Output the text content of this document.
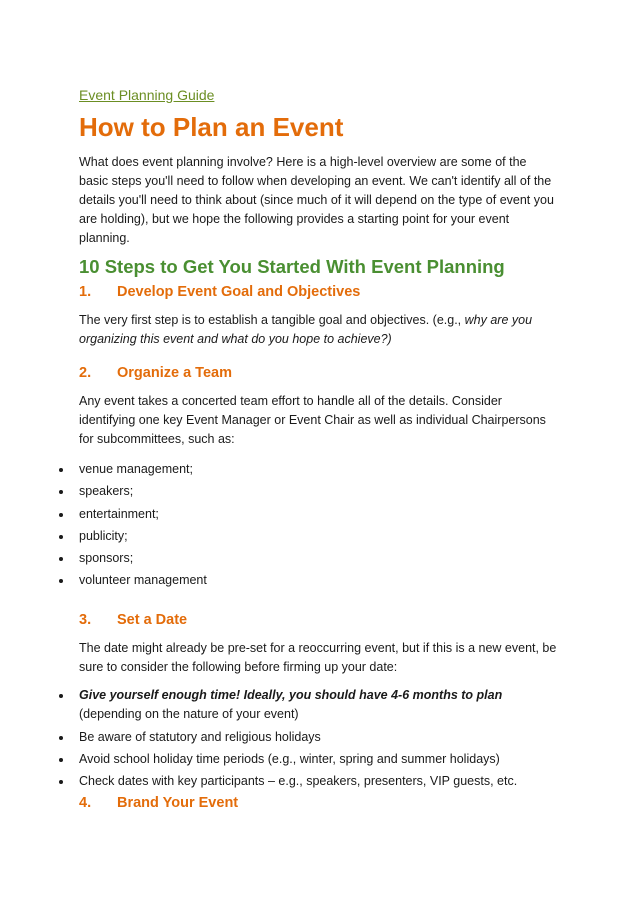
Event Planning Guide
How to Plan an Event

What does event planning involve? Here is a high-level overview are some of the basic steps you'll need to follow when developing an event. We can't identify all of the details you'll need to think about (since much of it will depend on the type of event you are holding), but we hope the following provides a starting point for your event planning.

10 Steps to Get You Started With Event Planning
1.	Develop Event Goal and Objectives

The very first step is to establish a tangible goal and objectives. (e.g., why are you organizing this event and what do you hope to achieve?)

2.	Organize a Team

Any event takes a concerted team effort to handle all of the details. Consider identifying one key Event Manager or Event Chair as well as individual Chairpersons for subcommittees, such as:

venue management;
speakers;
entertainment;
publicity;
sponsors;
volunteer management
3.	Set a Date

The date might already be pre-set for a reoccurring event, but if this is a new event, be sure to consider the following before firming up your date:

Give yourself enough time! Ideally, you should have 4-6 months to plan (depending on the nature of your event)
Be aware of statutory and religious holidays
Avoid school holiday time periods (e.g., winter, spring and summer holidays)
Check dates with key participants – e.g., speakers, presenters, VIP guests, etc.
4.	Brand Your Event
